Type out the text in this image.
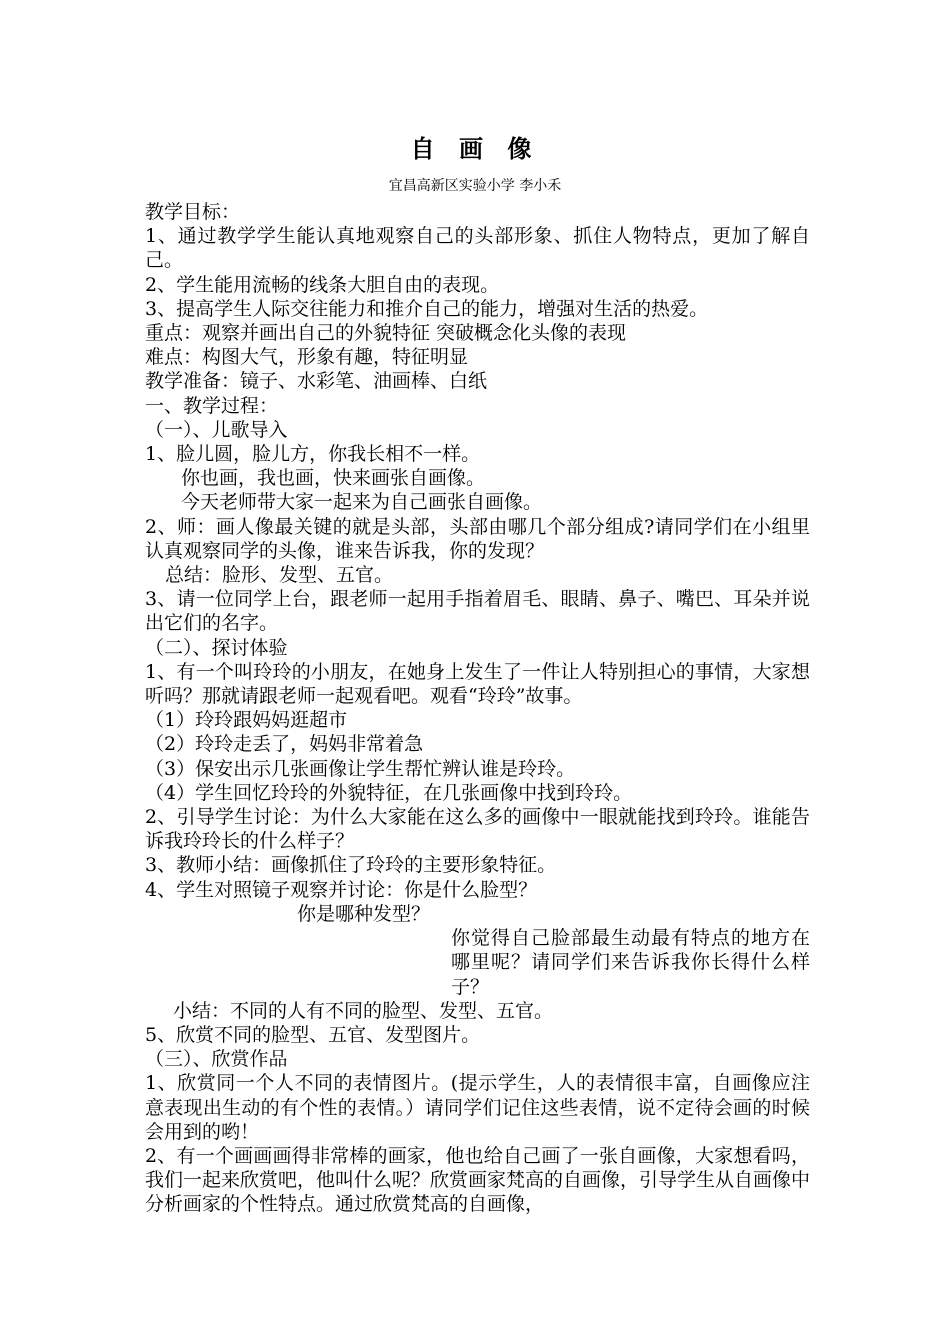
自 画 像
宜昌高新区实验小学 李小禾

教学目标：

1、通过教学学生能认真地观察自己的头部形象、抓住人物特点，更加了解自己。

2、学生能用流畅的线条大胆自由的表现。

3、提高学生人际交往能力和推介自己的能力，增强对生活的热爱。

重点：观察并画出自己的外貌特征 突破概念化头像的表现

难点：构图大气，形象有趣，特征明显

教学准备：镜子、水彩笔、油画棒、白纸

一、教学过程：

（一）、儿歌导入

1、脸儿圆，脸儿方，你我长相不一样。

你也画，我也画，快来画张自画像。

今天老师带大家一起来为自己画张自画像。

2、师：画人像最关键的就是头部，头部由哪几个部分组成?请同学们在小组里认真观察同学的头像，谁来告诉我，你的发现？

总结：脸形、发型、五官。

3、请一位同学上台，跟老师一起用手指着眉毛、眼睛、鼻子、嘴巴、耳朵并说出它们的名字。

（二）、探讨体验

1、有一个叫玲玲的小朋友，在她身上发生了一件让人特别担心的事情，大家想听吗？那就请跟老师一起观看吧。观看“玲玲”故事。

（1）玲玲跟妈妈逛超市

（2）玲玲走丢了，妈妈非常着急

（3）保安出示几张画像让学生帮忙辨认谁是玲玲。

（4）学生回忆玲玲的外貌特征，在几张画像中找到玲玲。

2、引导学生讨论：为什么大家能在这么多的画像中一眼就能找到玲玲。谁能告诉我玲玲长的什么样子？

3、教师小结：画像抓住了玲玲的主要形象特征。

4、学生对照镜子观察并讨论：你是什么脸型？

你是哪种发型？

你觉得自己脸部最生动最有特点的地方在哪里呢？请同学们来告诉我你长得什么样子？

小结：不同的人有不同的脸型、发型、五官。

5、欣赏不同的脸型、五官、发型图片。

（三）、欣赏作品

1、欣赏同一个人不同的表情图片。(提示学生，人的表情很丰富，自画像应注意表现出生动的有个性的表情。）请同学们记住这些表情，说不定待会画的时候会用到的哟！

2、有一个画画画得非常棒的画家，他也给自己画了一张自画像，大家想看吗，我们一起来欣赏吧，他叫什么呢？欣赏画家梵高的自画像，引导学生从自画像中分析画家的个性特点。通过欣赏梵高的自画像，
